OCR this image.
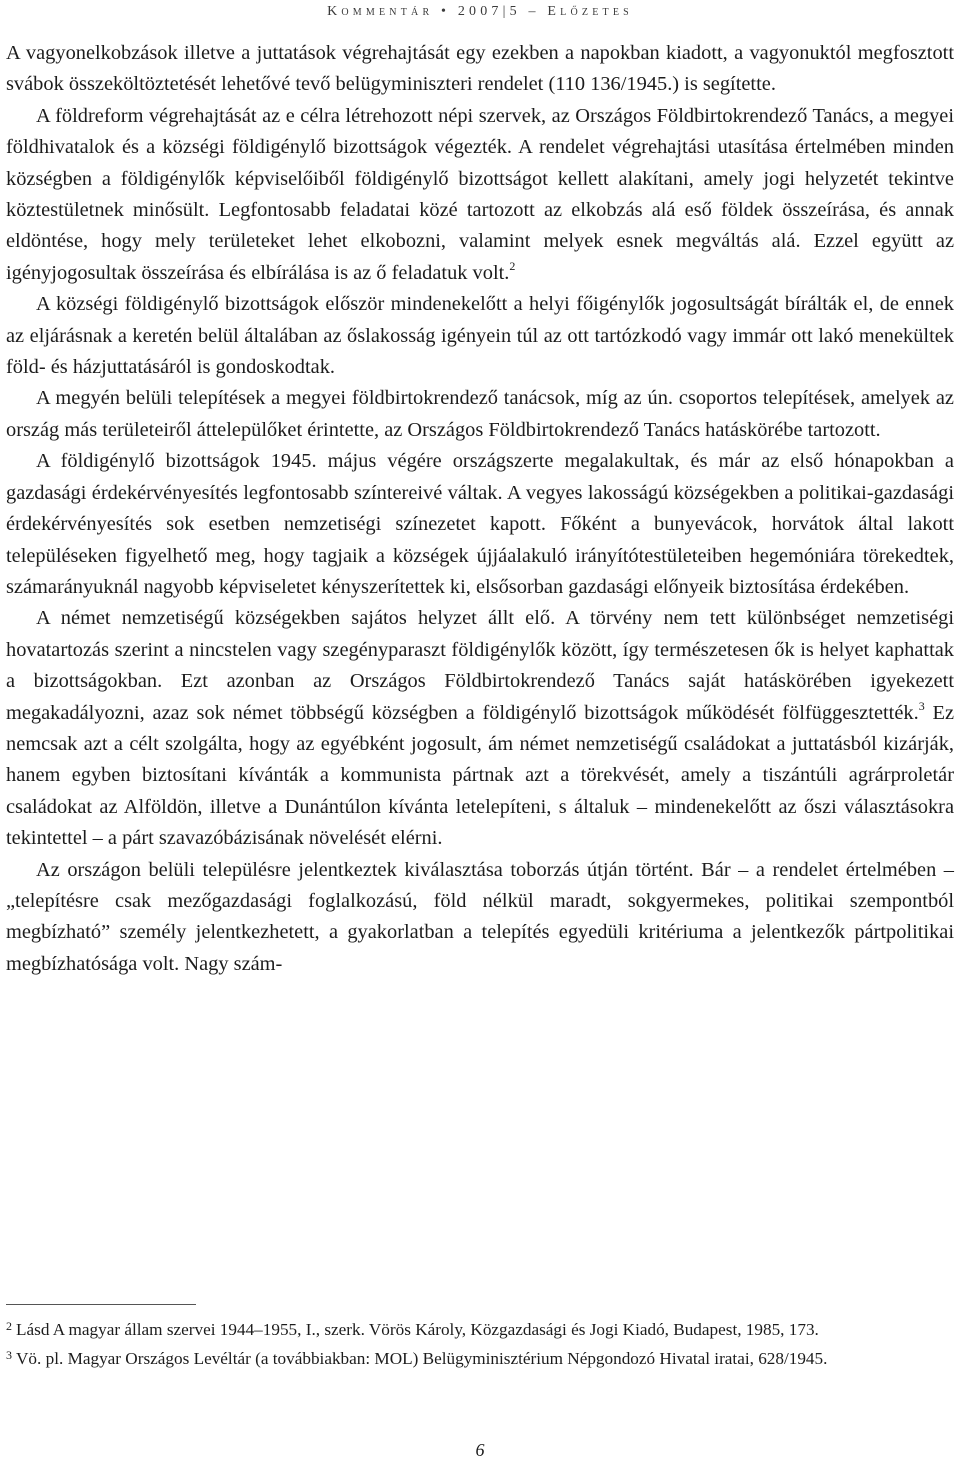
Kommentár • 2007|5 – Előzetes

A vagyonelkobzások illetve a juttatások végrehajtását egy ezekben a napokban kiadott, a vagyonuktól megfosztott svábok összeköltöztetését lehetővé tevő belügyminiszteri rendelet (110 136/1945.) is segítette.

A földreform végrehajtását az e célra létrehozott népi szervek, az Országos Földbirtokrendező Tanács, a megyei földhivatalok és a községi földigénylő bizottságok végezték. A rendelet végrehajtási utasítása értelmében minden községben a földigénylők képviselőiből földigénylő bizottságot kellett alakítani, amely jogi helyzetét tekintve köztestületnek minősült. Legfontosabb feladatai közé tartozott az elkobzás alá eső földek összeírása, és annak eldöntése, hogy mely területeket lehet elkobozni, valamint melyek esnek megváltás alá. Ezzel együtt az igényjogosultak összeírása és elbírálása is az ő feladatuk volt.$^2$

A községi földigénylő bizottságok először mindenekelőtt a helyi főigénylők jogosultságát bírálták el, de ennek az eljárásnak a keretén belül általában az őslakosság igényein túl az ott tartózkodó vagy immár ott lakó menekültek föld- és házjuttatásáról is gondoskodtak.

A megyén belüli telepítések a megyei földbirtokrendező tanácsok, míg az ún. csoportos telepítések, amelyek az ország más területeiről áttelepülőket érintette, az Országos Földbirtokrendező Tanács hatáskörébe tartozott.

A földigénylő bizottságok 1945. május végére országszerte megalakultak, és már az első hónapokban a gazdasági érdekérvényesítés legfontosabb színtereivé váltak. A vegyes lakosságú községekben a politikai-gazdasági érdekérvényesítés sok esetben nemzetiségi színezetet kapott. Főként a bunyevácok, horvátok által lakott településeken figyelhető meg, hogy tagjaik a községek újjáalakuló irányítótestületeiben hegemóniára törekedtek, számarányuknál nagyobb képviseletet kényszerítettek ki, elsősorban gazdasági előnyeik biztosítása érdekében.

A német nemzetiségű községekben sajátos helyzet állt elő. A törvény nem tett különbséget nemzetiségi hovatartozás szerint a nincstelen vagy szegényparaszt földigénylők között, így természetesen ők is helyet kaphattak a bizottságokban. Ezt azonban az Országos Földbirtokrendező Tanács saját hatáskörében igyekezett megakadályozni, azaz sok német többségű községben a földigénylő bizottságok működését fölfüggesztették.$^3$ Ez nemcsak azt a célt szolgálta, hogy az egyébként jogosult, ám német nemzetiségű családokat a juttatásból kizárják, hanem egyben biztosítani kívánták a kommunista pártnak azt a törekvését, amely a tiszántúli agrárproletár családokat az Alföldön, illetve a Dunántúlon kívánta letelepíteni, s általuk – mindenekelőtt az őszi választásokra tekintettel – a párt szavazóbázisának növelését elérni.

Az országon belüli településre jelentkeztek kiválasztása toborzás útján történt. Bár – a rendelet értelmében – „telepítésre csak mezőgazdasági foglalkozású, föld nélkül maradt, sokgyermekes, politikai szempontból megbízható” személy jelentkezhetett, a gyakorlatban a telepítés egyedüli kritériuma a jelentkezők pártpolitikai megbízhatósága volt. Nagy szám-

$^2$ Lásd A magyar állam szervei 1944–1955, I., szerk. Vörös Károly, Közgazdasági és Jogi Kiadó, Budapest, 1985, 173.

$^3$ Vö. pl. Magyar Országos Levéltár (a továbbiakban: MOL) Belügyminisztérium Népgondozó Hivatal iratai, 628/1945.

6
